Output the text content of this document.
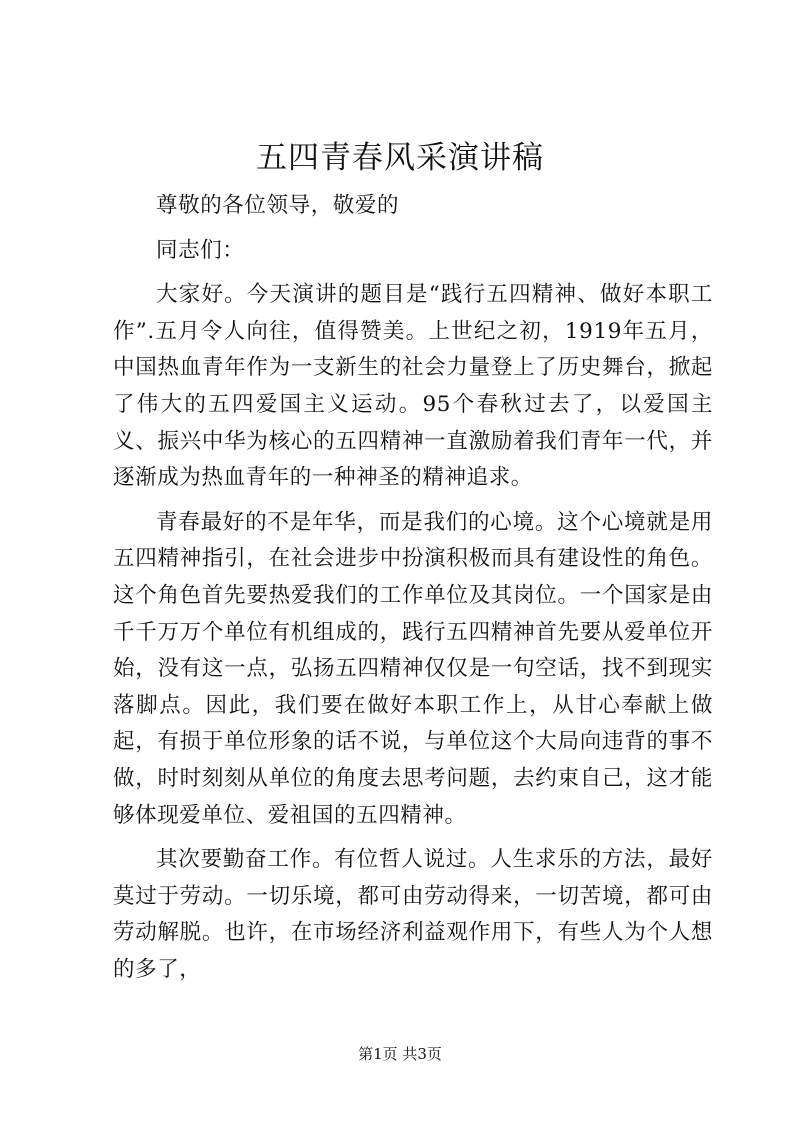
五四青春风采演讲稿

尊敬的各位领导，敬爱的

同志们：

大家好。今天演讲的题目是“践行五四精神、做好本职工作”.五月令人向往，值得赞美。上世纪之初，1919年五月，中国热血青年作为一支新生的社会力量登上了历史舞台，掀起了伟大的五四爱国主义运动。95个春秋过去了，以爱国主义、振兴中华为核心的五四精神一直激励着我们青年一代，并逐渐成为热血青年的一种神圣的精神追求。

青春最好的不是年华，而是我们的心境。这个心境就是用五四精神指引，在社会进步中扮演积极而具有建设性的角色。这个角色首先要热爱我们的工作单位及其岗位。一个国家是由千千万万个单位有机组成的，践行五四精神首先要从爱单位开始，没有这一点，弘扬五四精神仅仅是一句空话，找不到现实落脚点。因此，我们要在做好本职工作上，从甘心奉献上做起，有损于单位形象的话不说，与单位这个大局向违背的事不做，时时刻刻从单位的角度去思考问题，去约束自己，这才能够体现爱单位、爱祖国的五四精神。

其次要勤奋工作。有位哲人说过。人生求乐的方法，最好莫过于劳动。一切乐境，都可由劳动得来，一切苦境，都可由劳动解脱。也许，在市场经济利益观作用下，有些人为个人想的多了，

第1页 共3页
